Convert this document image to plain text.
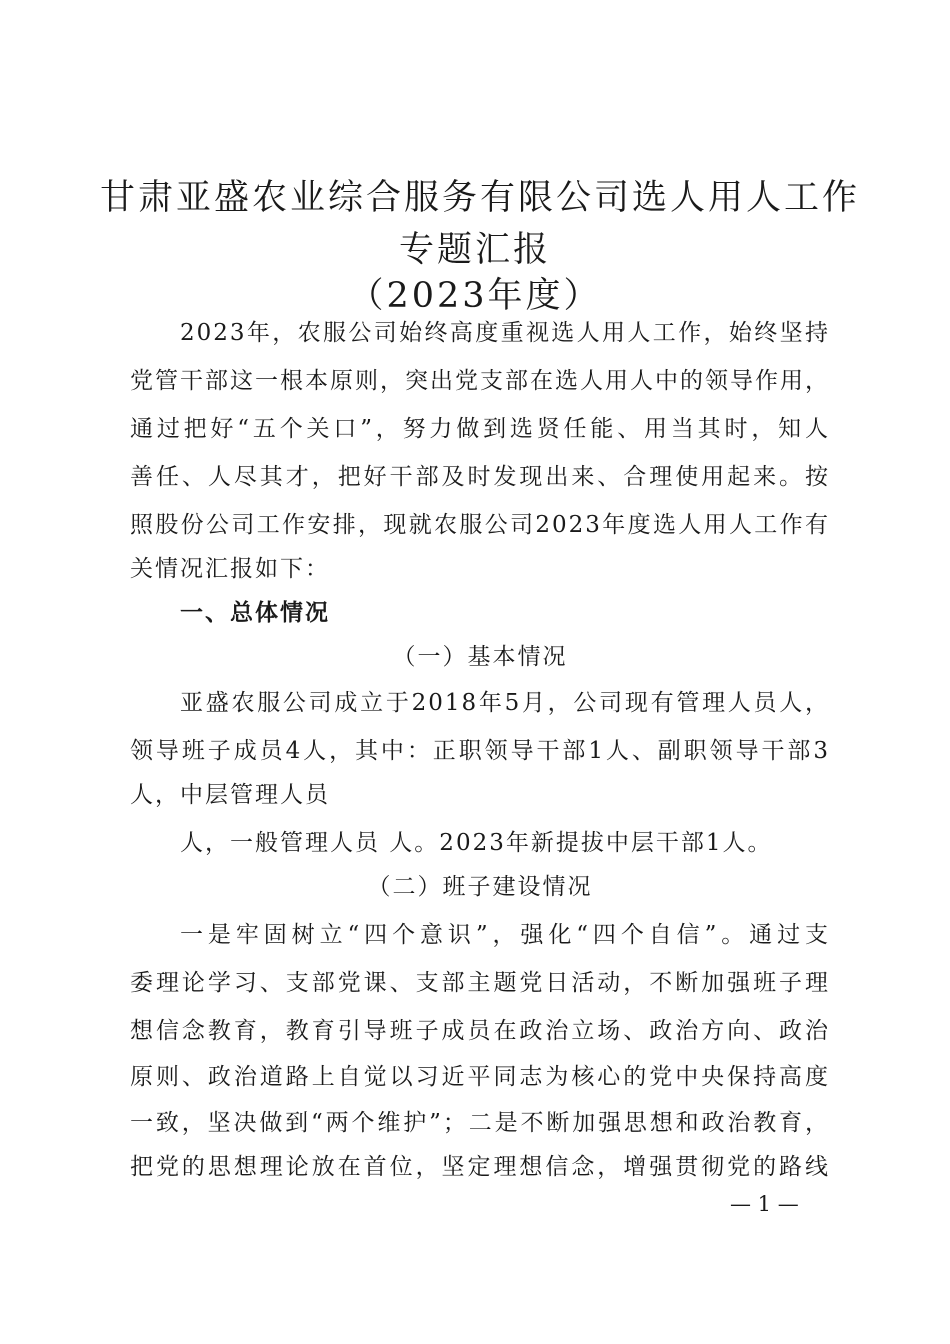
甘肃亚盛农业综合服务有限公司选人用人工作
专题汇报
（2023年度）
2023年，农服公司始终高度重视选人用人工作，始终坚持
党管干部这一根本原则，突出党支部在选人用人中的领导作用，
通过把好“五个关口”，努力做到选贤任能、用当其时，知人
善任、人尽其才，把好干部及时发现出来、合理使用起来。按
照股份公司工作安排，现就农服公司2023年度选人用人工作有
关情况汇报如下：
一、总体情况
（一）基本情况
亚盛农服公司成立于2018年5月，公司现有管理人员人，
领导班子成员4人，其中：正职领导干部1人、副职领导干部3
人，中层管理人员
人，一般管理人员 人。2023年新提拔中层干部1人。
（二）班子建设情况
一是牢固树立“四个意识”，强化“四个自信”。通过支
委理论学习、支部党课、支部主题党日活动，不断加强班子理
想信念教育，教育引导班子成员在政治立场、政治方向、政治
原则、政治道路上自觉以习近平同志为核心的党中央保持高度
一致，坚决做到“两个维护”；二是不断加强思想和政治教育，
把党的思想理论放在首位，坚定理想信念，增强贯彻党的路线
— 1 —
